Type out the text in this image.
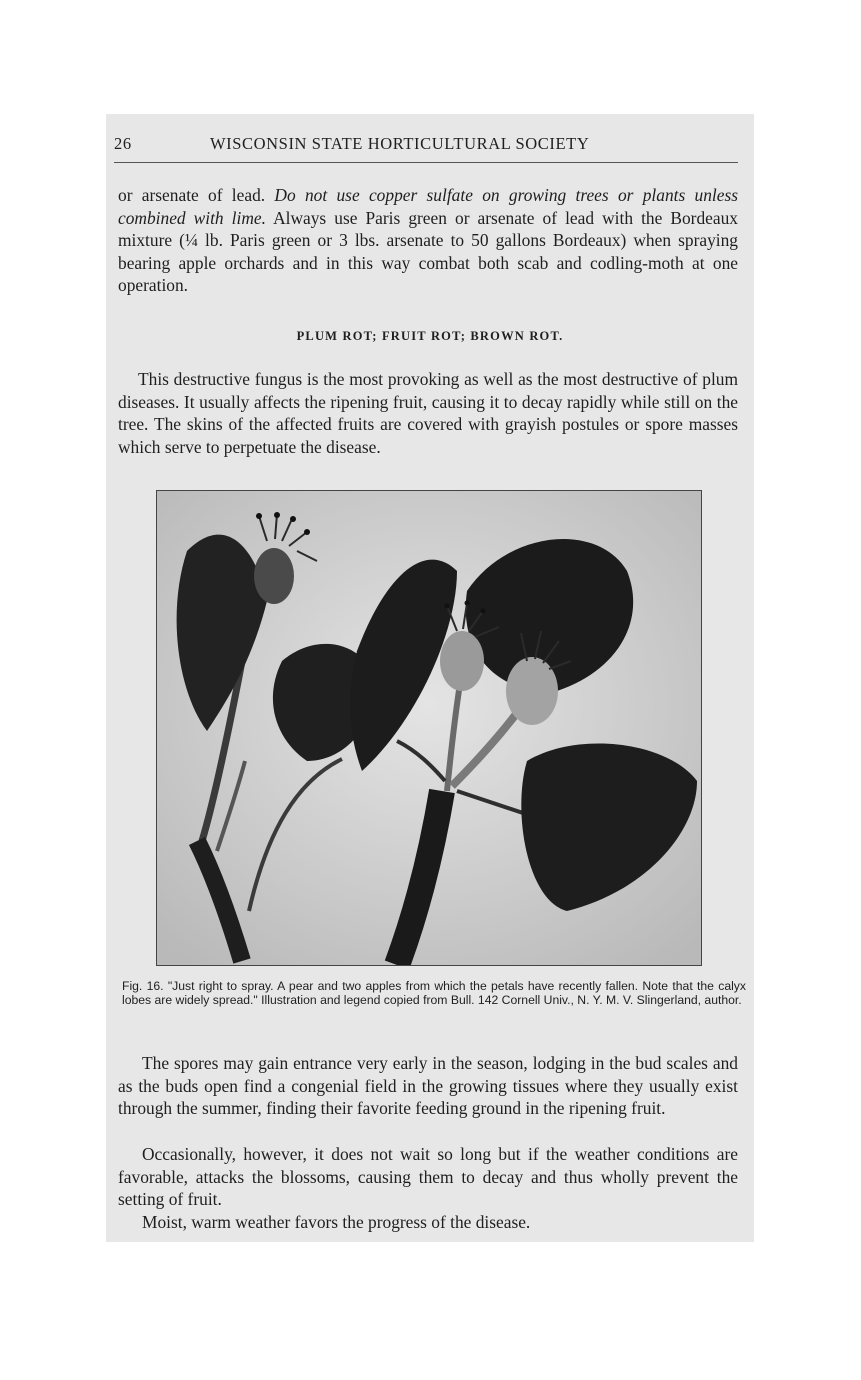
26	WISCONSIN STATE HORTICULTURAL SOCIETY

or arsenate of lead. Do not use copper sulfate on growing trees or plants unless combined with lime. Always use Paris green or arsenate of lead with the Bordeaux mixture (¼ lb. Paris green or 3 lbs. arsenate to 50 gallons Bordeaux) when spraying bearing apple orchards and in this way combat both scab and codling-moth at one operation.

PLUM ROT; FRUIT ROT; BROWN ROT.

This destructive fungus is the most provoking as well as the most destructive of plum diseases. It usually affects the ripening fruit, causing it to decay rapidly while still on the tree. The skins of the affected fruits are covered with grayish postules or spore masses which serve to perpetuate the disease.

Fig. 16. "Just right to spray. A pear and two apples from which the petals have recently fallen. Note that the calyx lobes are widely spread." Illustration and legend copied from Bull. 142 Cornell Univ., N. Y. M. V. Slingerland, author.

The spores may gain entrance very early in the season, lodging in the bud scales and as the buds open find a congenial field in the growing tissues where they usually exist through the summer, finding their favorite feeding ground in the ripening fruit.

Occasionally, however, it does not wait so long but if the weather conditions are favorable, attacks the blossoms, causing them to decay and thus wholly prevent the setting of fruit.

Moist, warm weather favors the progress of the disease.
